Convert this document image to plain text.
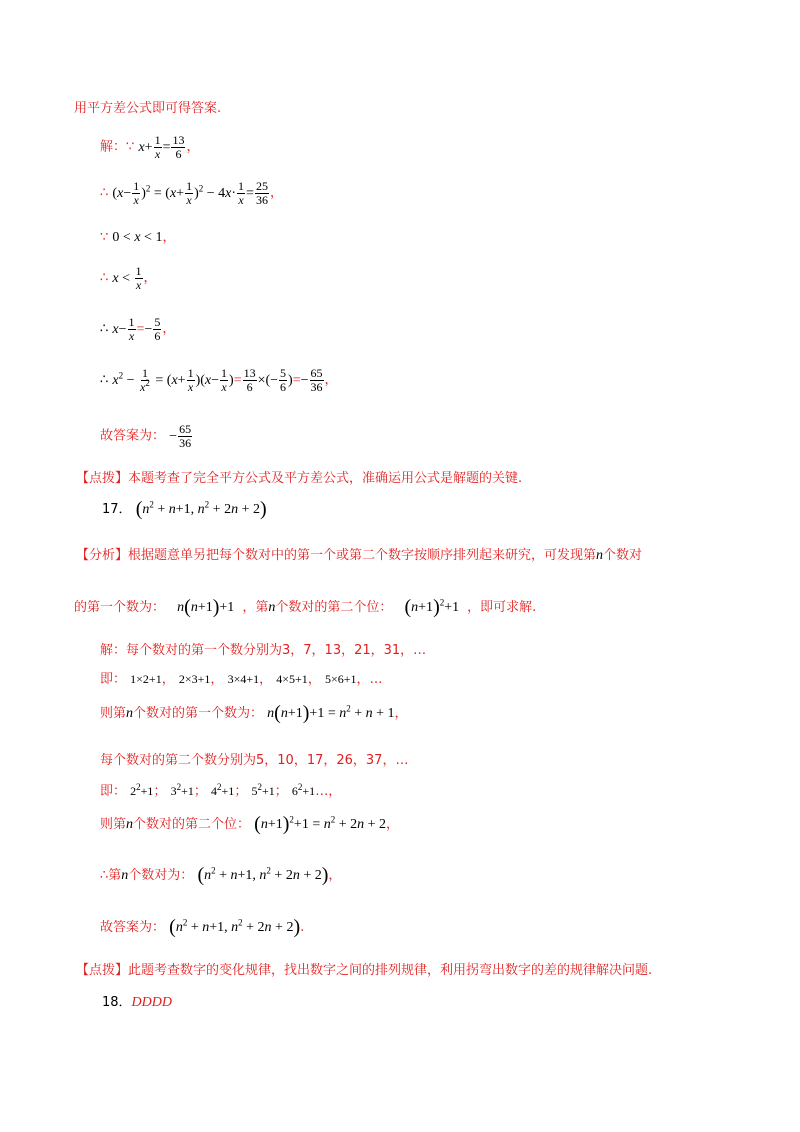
用平方差公式即可得答案.
解：∵ $x+ \frac{1}{x} = \frac{13}{6}$ ，
∴ $(x- \frac{1}{x} )^2 = (x+ \frac{1}{x} )^2 - 4x\cdot \frac{1}{x} = \frac{25}{36}$ ，
∵ 0 < x < 1，
∴ $x < \frac{1}{x}$ ，
∴ $x- \frac{1}{x} =- \frac{5}{6}$ ，
∴ $x^2 - \frac{1}{x^2} = (x+ \frac{1}{x} )(x- \frac{1}{x}$ )= $\frac{13}{6}$ ×(− $\frac{5}{6}$ )=− $\frac{65}{36}$ ，
故答案为： − $\frac{65}{36}$
【点拨】本题考查了完全平方公式及平方差公式，准确运用公式是解题的关键.
17． ($n^2 + n+1$, $n^2 + 2n + 2$)
【分析】根据题意单另把每个数对中的第一个或第二个数字按顺序排列起来研究，可发现第n个数对
的第一个数为： n(n+1)+1 ，第n个数对的第二个位： $(n+1)^2+1$ ，即可求解.
解：每个数对的第一个数分别为3，7，13，21，31，…
即： 1×2+1， 2×3+1， 3×4+1， 4×5+1， 5×6+1，…
则第n个数对的第一个数为： $n(n+1)+1 = n^2 + n + 1$，
每个数对的第二个数分别为5，10，17，26，37，…
即： $2^2+1$； $3^2+1$； $4^2+1$； $5^2+1$； $6^2+1\dots$，
则第n个数对的第二个位： $(n+1)^2+1 = n^2 + 2n + 2$，
∴第n个数对为： ($n^2 + n+1$, $n^2 + 2n + 2$)，
故答案为： ($n^2 + n+1$, $n^2 + 2n + 2$).
【点拨】此题考查数字的变化规律，找出数字之间的排列规律，利用拐弯出数字的差的规律解决问题.
18．DDDD
